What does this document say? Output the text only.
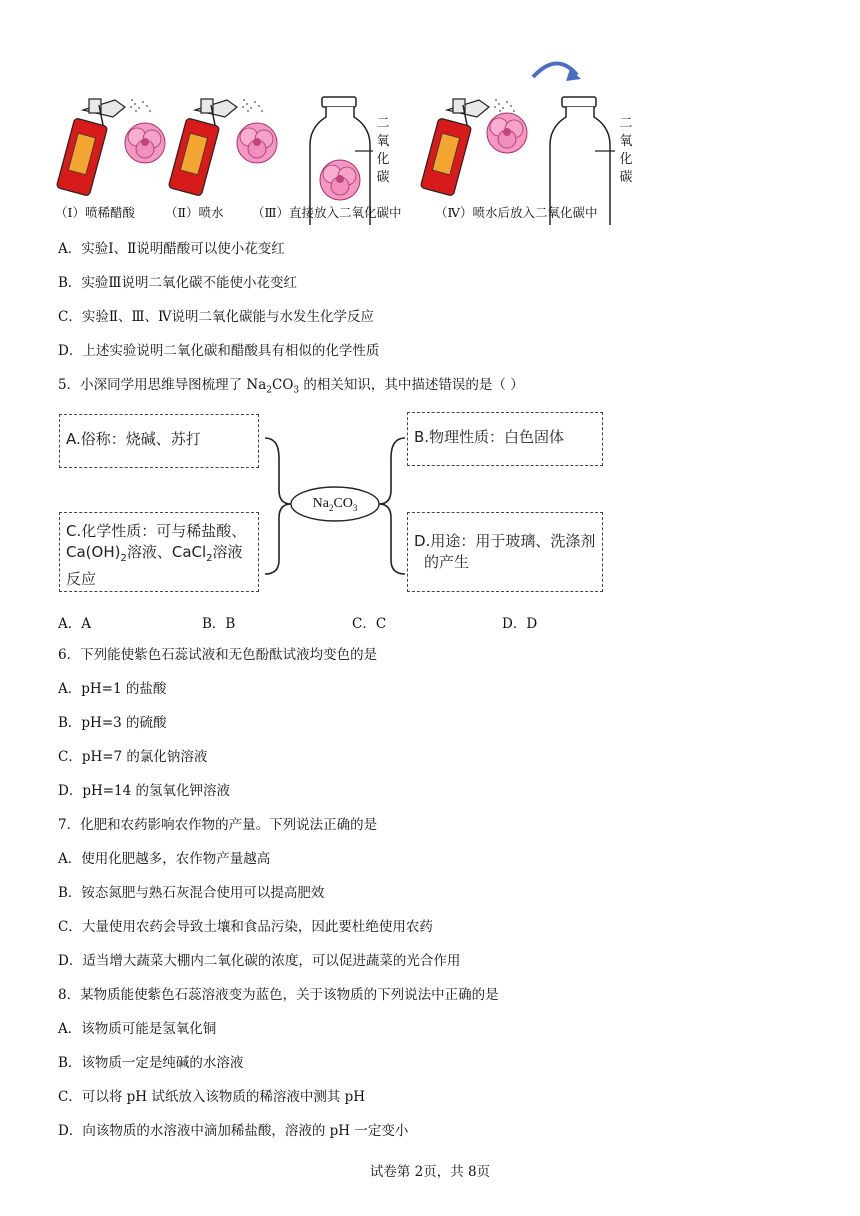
二
氧
化
碳
二
氧
化
碳
（Ⅰ）喷稀醋酸 （Ⅱ）喷水 （Ⅲ）直接放入二氧化碳中	（Ⅳ）喷水后放入二氧化碳中
A．实验Ⅰ、Ⅱ说明醋酸可以使小花变红
B．实验Ⅲ说明二氧化碳不能使小花变红
C．实验Ⅱ、Ⅲ、Ⅳ说明二氧化碳能与水发生化学反应
D．上述实验说明二氧化碳和醋酸具有相似的化学性质
5．小深同学用思维导图梳理了 $Na_2CO_3$ 的相关知识，其中描述错误的是（ ）
$Na_2CO_3$
A.俗称：烧碱、苏打	B.物理性质：白色固体
C.化学性质：可与稀盐酸、
$Ca(OH)_2$溶液、CaCl$_2$溶液
反应
D.用途：用于玻璃、洗涤剂
的产生
A．A	B．B	C．C	D．D
6．下列能使紫色石蕊试液和无色酚酞试液均变色的是
A．pH=1 的盐酸
B．pH=3 的硫酸
C．pH=7 的氯化钠溶液
D．pH=14 的氢氧化钾溶液
7．化肥和农药影响农作物的产量。下列说法正确的是
A．使用化肥越多，农作物产量越高
B．铵态氮肥与熟石灰混合使用可以提高肥效
C．大量使用农药会导致土壤和食品污染，因此要杜绝使用农药
D．适当增大蔬菜大棚内二氧化碳的浓度，可以促进蔬菜的光合作用
8．某物质能使紫色石蕊溶液变为蓝色，关于该物质的下列说法中正确的是
A．该物质可能是氢氧化铜
B．该物质一定是纯碱的水溶液
C．可以将 pH 试纸放入该物质的稀溶液中测其 pH
D．向该物质的水溶液中滴加稀盐酸，溶液的 pH 一定变小
试卷第 2页，共 8页
